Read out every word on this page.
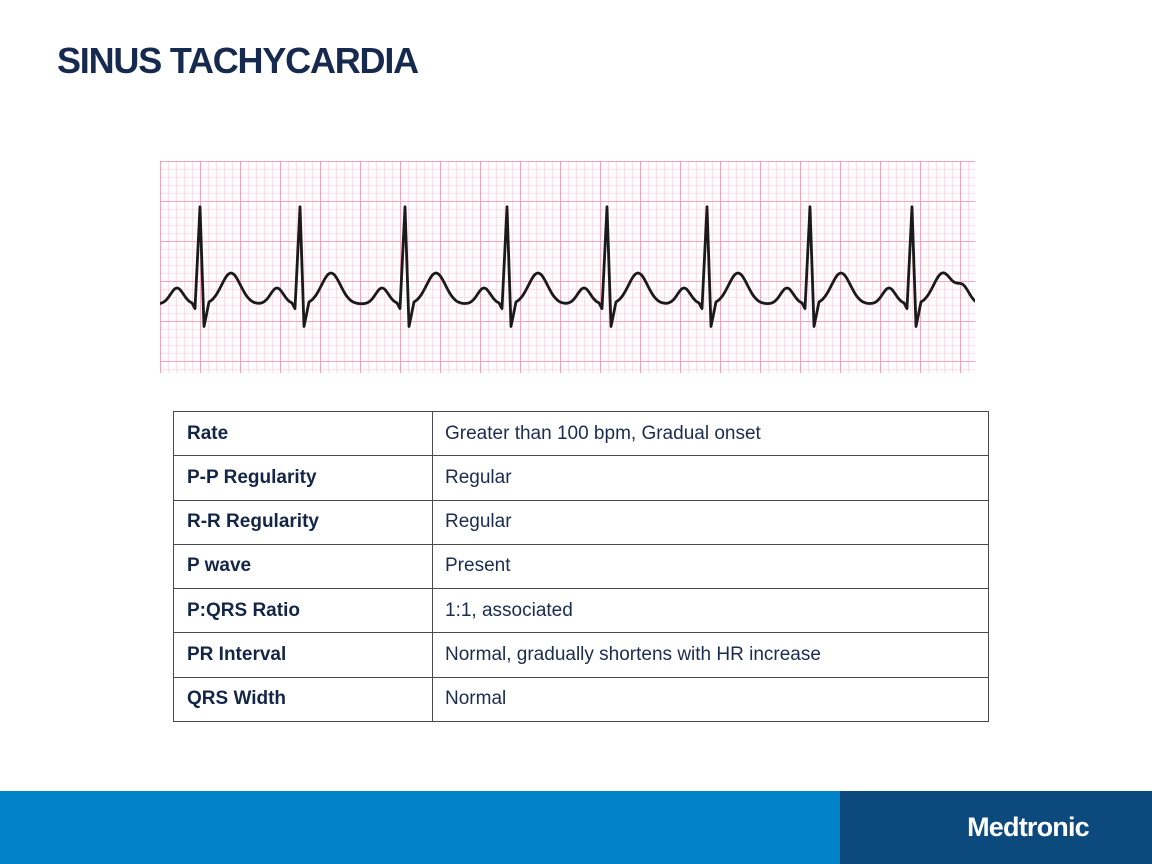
SINUS TACHYCARDIA
Rate	Greater than 100 bpm, Gradual onset
P-P Regularity	Regular
R-R Regularity	Regular
P wave	Present
P:QRS Ratio	1:1, associated
PR Interval	Normal, gradually shortens with HR increase
QRS Width	Normal
Medtronic
